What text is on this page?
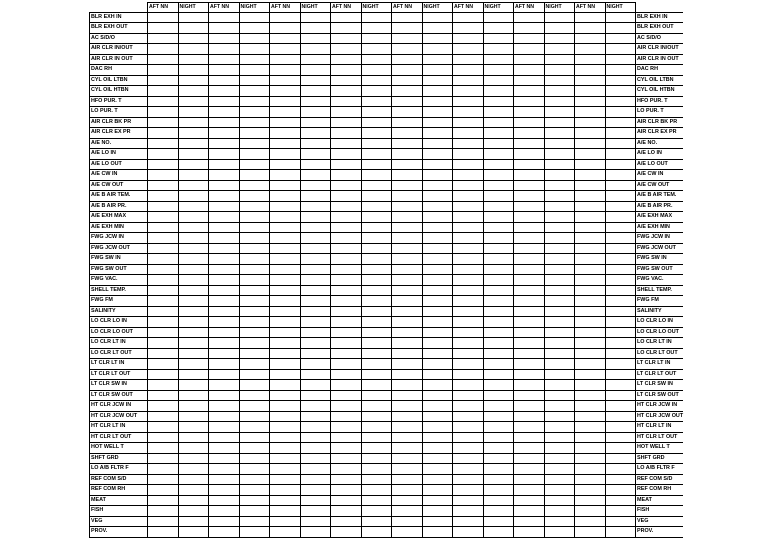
	AFT NN	NIGHT	AFT NN	NIGHT	AFT NN	NIGHT	AFT NN	NIGHT	AFT NN	NIGHT	AFT NN	NIGHT	AFT NN	NIGHT	AFT NN	NIGHT	
BLR EXH IN																	BLR EXH IN
BLR EXH OUT																	BLR EXH OUT
AC S/D/O																	AC S/D/O
AIR CLR IN/OUT																	AIR CLR IN/OUT
AIR CLR IN OUT																	AIR CLR IN OUT
DAC RH																	DAC RH
CYL OIL LTBN																	CYL OIL LTBN
CYL OIL HTBN																	CYL OIL HTBN
HFO PUR. T																	HFO PUR. T
LO PUR. T																	LO PUR. T
AIR CLR BK PR																	AIR CLR BK PR
AIR CLR EX PR																	AIR CLR EX PR
A/E NO.																	A/E NO.
A/E LO IN																	A/E LO IN
A/E LO OUT																	A/E LO OUT
A/E CW IN																	A/E CW IN
A/E CW OUT																	A/E CW OUT
A/E B AIR TEM.																	A/E B AIR TEM.
A/E B AIR PR.																	A/E B AIR PR.
A/E EXH MAX																	A/E EXH MAX
A/E EXH MIN																	A/E EXH MIN
FWG JCW IN																	FWG JCW IN
FWG JCW OUT																	FWG JCW OUT
FWG SW IN																	FWG SW IN
FWG SW OUT																	FWG SW OUT
FWG VAC.																	FWG VAC.
SHELL TEMP.																	SHELL TEMP.
FWG FM																	FWG FM
SALINITY																	SALINITY
LO CLR LO IN																	LO CLR LO IN
LO CLR LO OUT																	LO CLR LO OUT
LO CLR LT IN																	LO CLR LT IN
LO CLR LT OUT																	LO CLR LT OUT
LT CLR LT IN																	LT CLR LT IN
LT CLR LT OUT																	LT CLR LT OUT
LT CLR SW IN																	LT CLR SW IN
LT CLR SW OUT																	LT CLR SW OUT
HT CLR JCW IN																	HT CLR JCW IN
HT CLR JCW OUT																	HT CLR JCW OUT
HT CLR LT IN																	HT CLR LT IN
HT CLR LT OUT																	HT CLR LT OUT
HOT WELL T																	HOT WELL T
SHFT GRD																	SHFT GRD
LO A/B FLTR F																	LO A/B FLTR F
REF COM S/D																	REF COM S/D
REF COM RH																	REF COM RH
MEAT																	MEAT
FISH																	FISH
VEG																	VEG
PROV.																	PROV.
